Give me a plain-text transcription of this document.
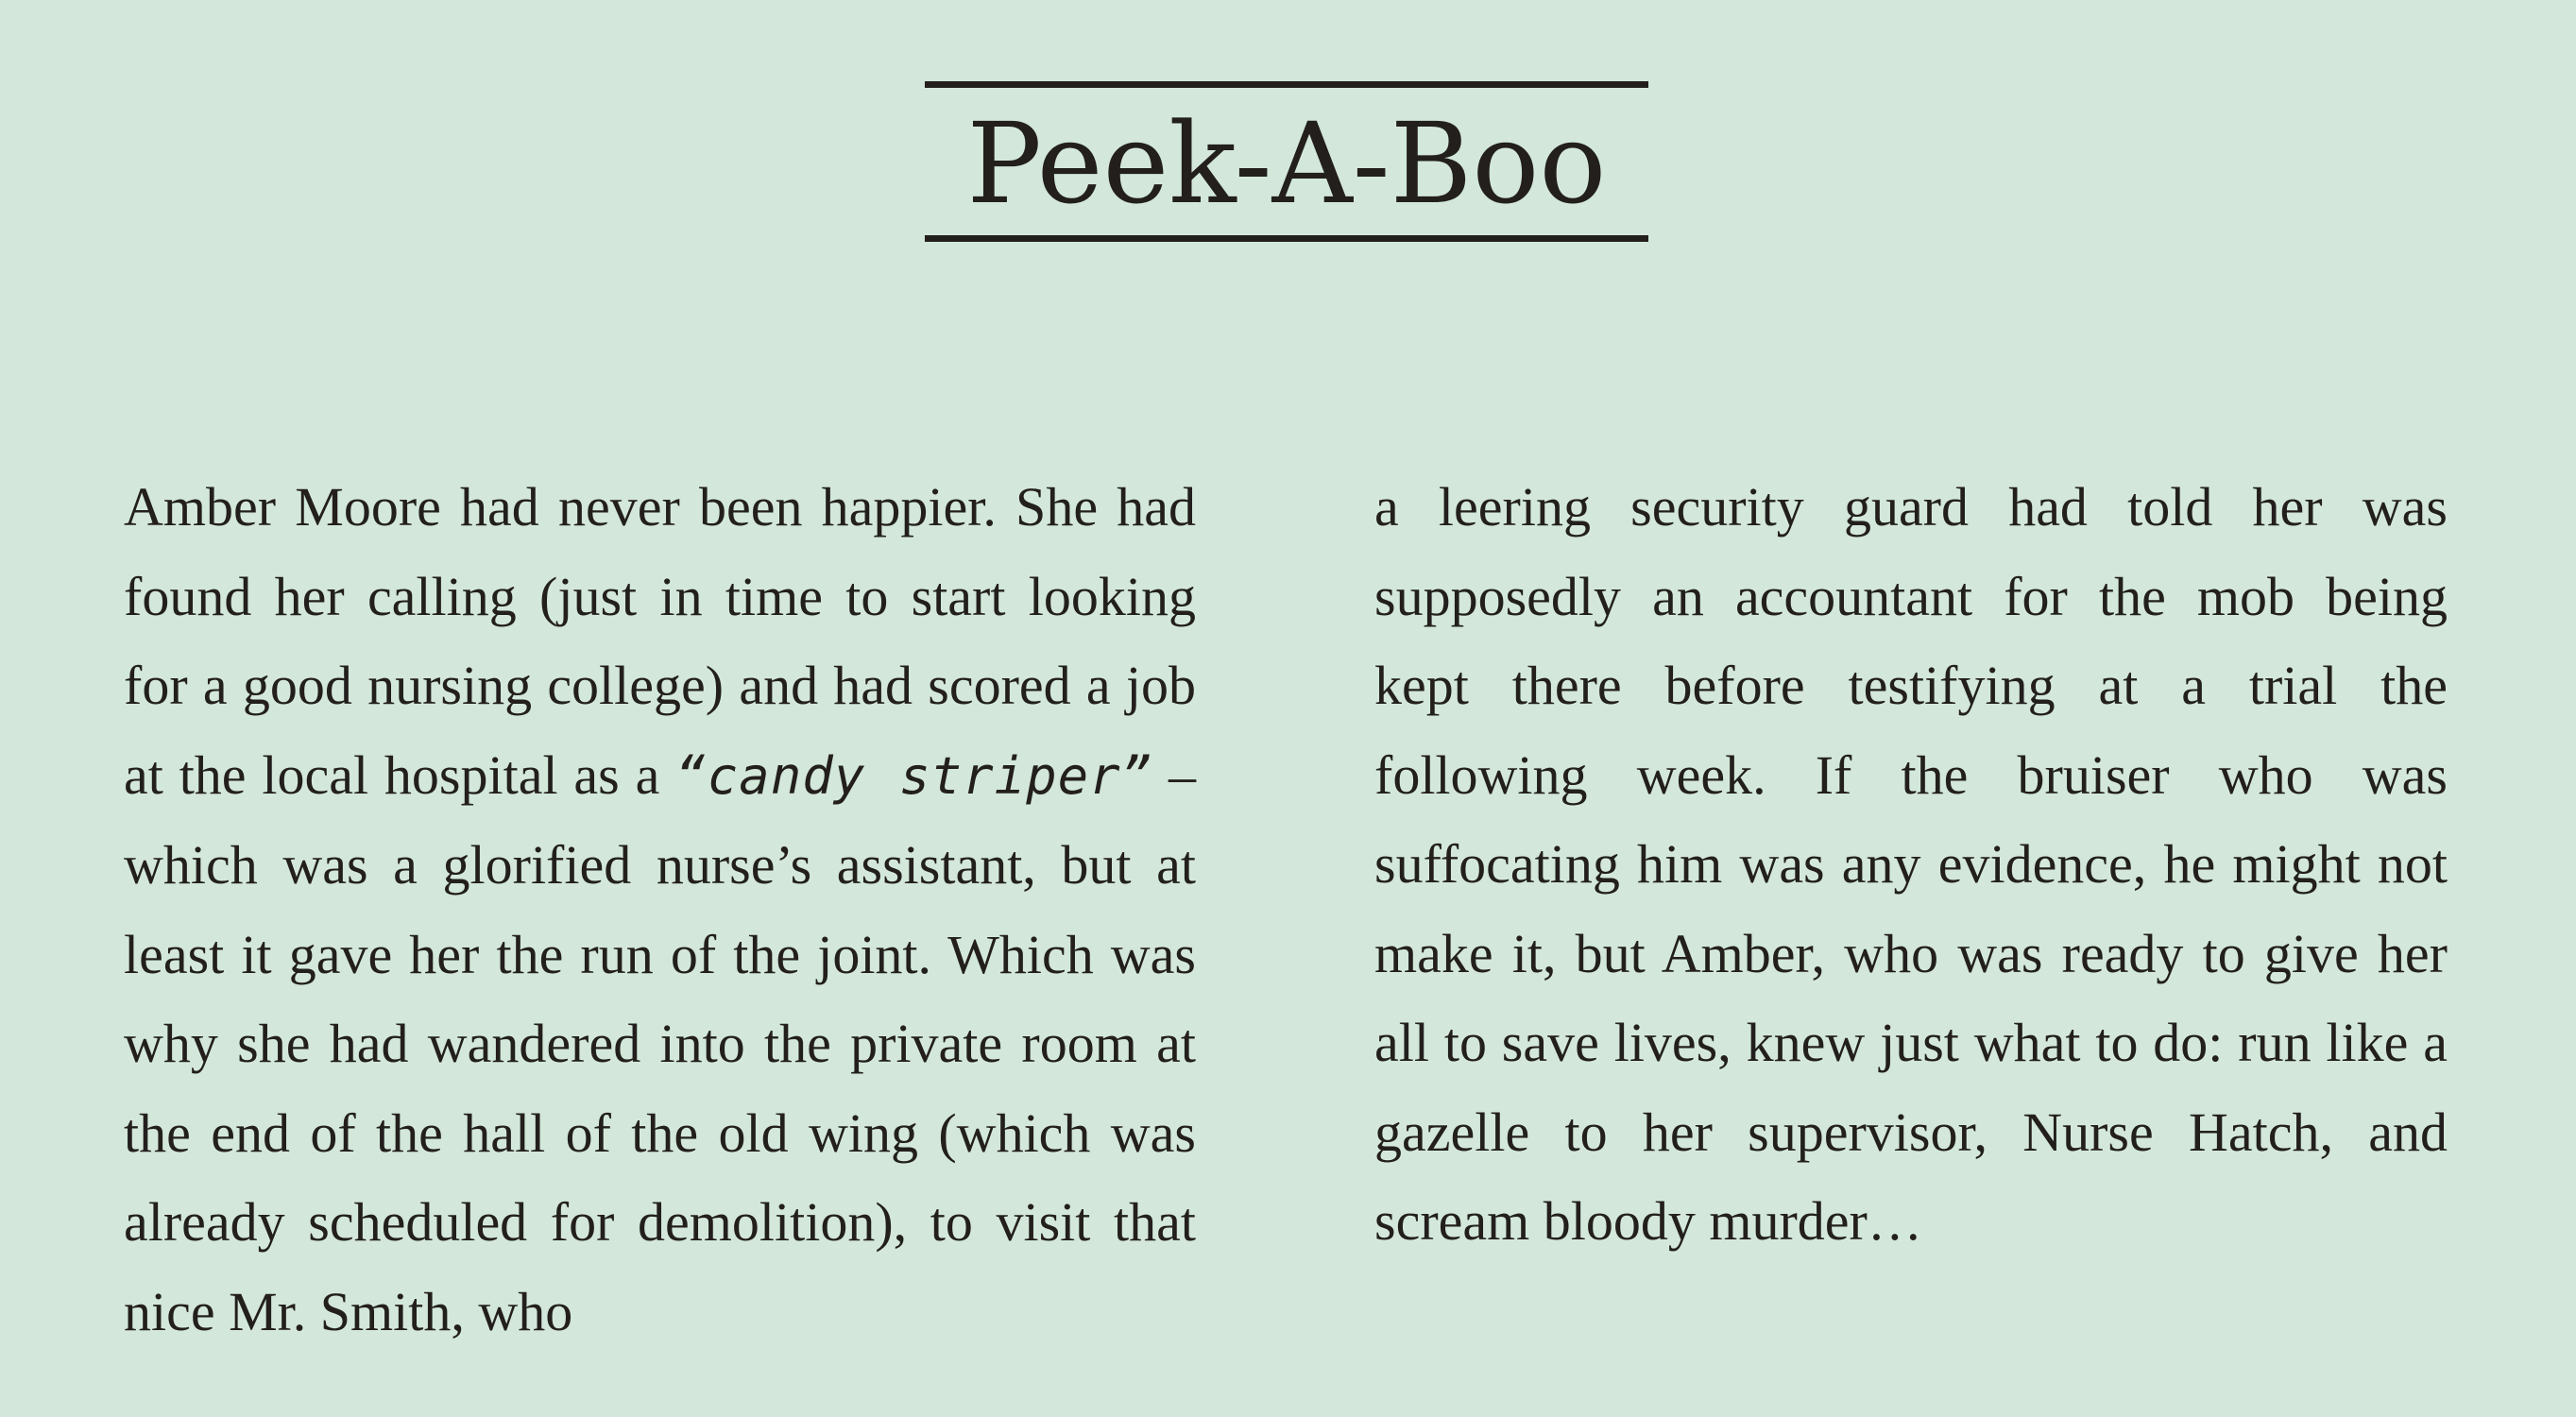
Peek-A-Boo

Amber Moore had never been happier. She had found her calling (just in time to start looking for a good nursing college) and had scored a job at the local hospital as a “candy striper” – which was a glorified nurse’s assistant, but at least it gave her the run of the joint. Which was why she had wandered into the private room at the end of the hall of the old wing (which was already scheduled for demolition), to visit that nice Mr. Smith, who

a leering security guard had told her was supposedly an accountant for the mob being kept there before testifying at a trial the following week. If the bruiser who was suffocating him was any evidence, he might not make it, but Amber, who was ready to give her all to save lives, knew just what to do: run like a gazelle to her supervisor, Nurse Hatch, and scream bloody murder…
